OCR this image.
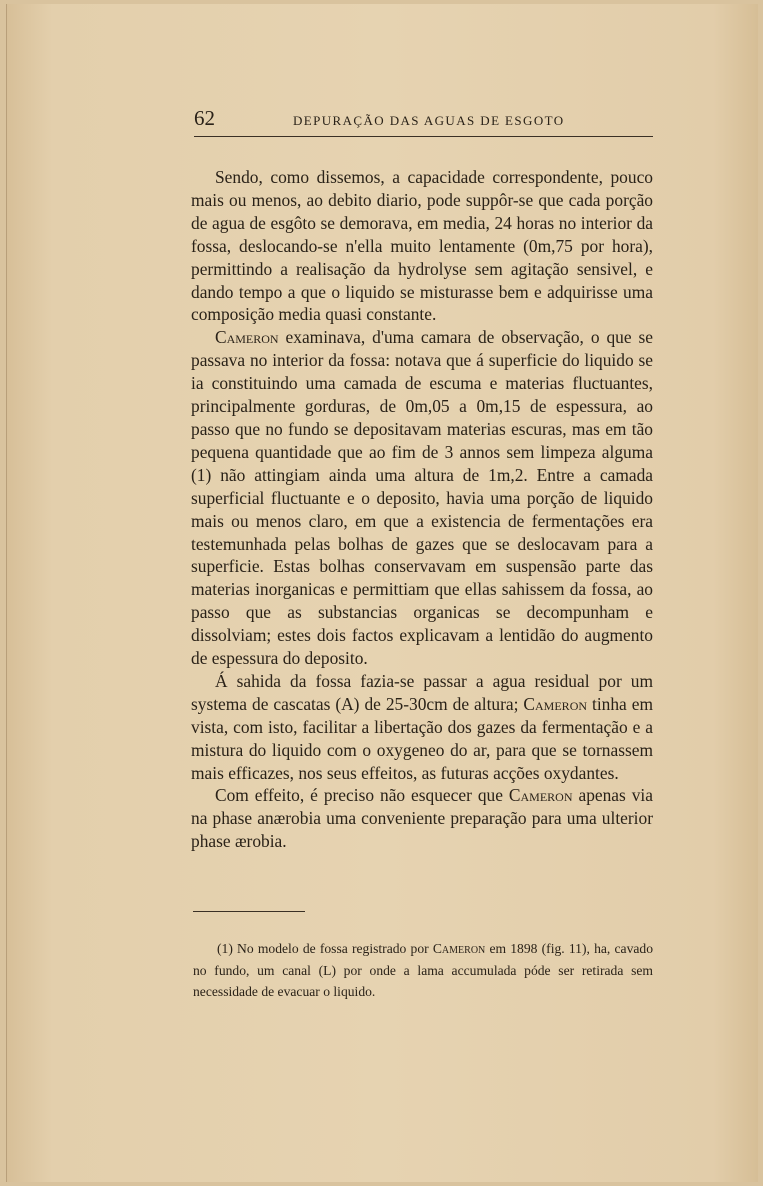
62	DEPURAÇÃO DAS AGUAS DE ESGOTO

Sendo, como dissemos, a capacidade correspondente, pouco mais ou menos, ao debito diario, pode suppôr-se que cada porção de agua de esgôto se demorava, em media, 24 horas no interior da fossa, deslocando-se n'ella muito lentamente (0m,75 por hora), permittindo a realisação da hydrolyse sem agitação sensivel, e dando tempo a que o liquido se misturasse bem e adquirisse uma composição media quasi constante.

Cameron examinava, d'uma camara de observação, o que se passava no interior da fossa: notava que á superficie do liquido se ia constituindo uma camada de escuma e materias fluctuantes, principalmente gorduras, de 0m,05 a 0m,15 de espessura, ao passo que no fundo se depositavam materias escuras, mas em tão pequena quantidade que ao fim de 3 annos sem limpeza alguma (1) não attingiam ainda uma altura de 1m,2. Entre a camada superficial fluctuante e o deposito, havia uma porção de liquido mais ou menos claro, em que a existencia de fermentações era testemunhada pelas bolhas de gazes que se deslocavam para a superficie. Estas bolhas conservavam em suspensão parte das materias inorganicas e permittiam que ellas sahissem da fossa, ao passo que as substancias organicas se decompunham e dissolviam; estes dois factos explicavam a lentidão do augmento de espessura do deposito.

Á sahida da fossa fazia-se passar a agua residual por um systema de cascatas (A) de 25-30cm de altura; Cameron tinha em vista, com isto, facilitar a libertação dos gazes da fermentação e a mistura do liquido com o oxygeneo do ar, para que se tornassem mais efficazes, nos seus effeitos, as futuras acções oxydantes.

Com effeito, é preciso não esquecer que Cameron apenas via na phase anærobia uma conveniente preparação para uma ulterior phase ærobia.

(1) No modelo de fossa registrado por Cameron em 1898 (fig. 11), ha, cavado no fundo, um canal (L) por onde a lama accumulada póde ser retirada sem necessidade de evacuar o liquido.
